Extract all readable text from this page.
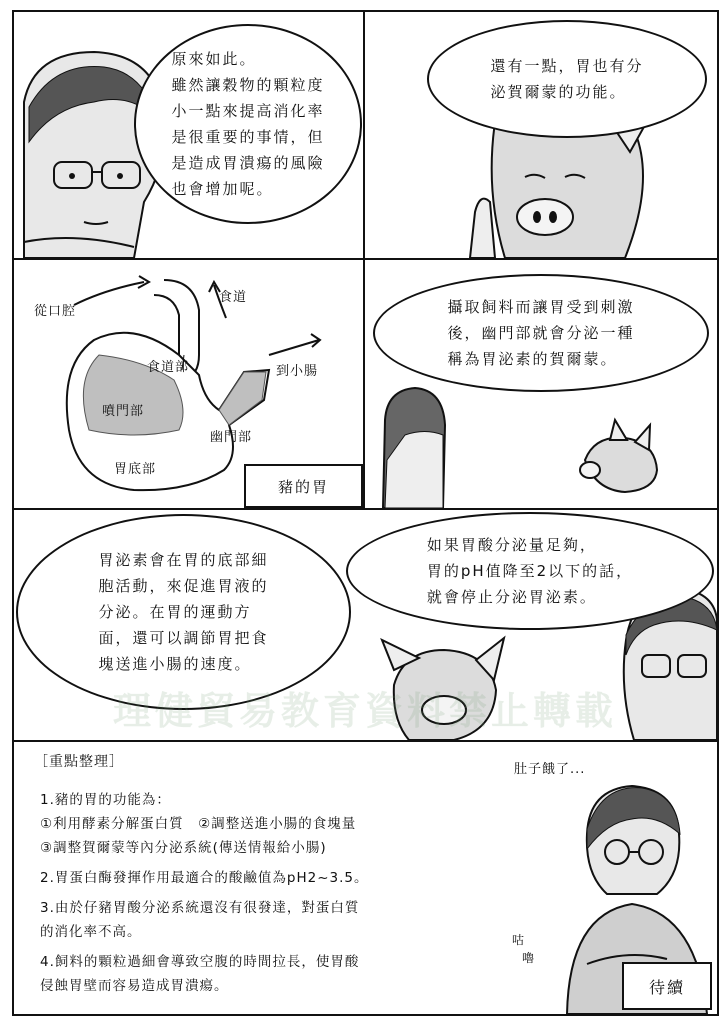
原來如此。
雖然讓穀物的顆粒度
小一點來提高消化率
是很重要的事情，但
是造成胃潰瘍的風險
也會增加呢。
還有一點，胃也有分
泌賀爾蒙的功能。
從口腔
食道
食道部	到小腸
噴門部
幽門部
胃底部
豬的胃
攝取飼料而讓胃受到刺激
後，幽門部就會分泌一種
稱為胃泌素的賀爾蒙。
如果胃酸分泌量足夠，
胃的pH值降至2以下的話，
就會停止分泌胃泌素。
胃泌素會在胃的底部細
胞活動，來促進胃液的
分泌。在胃的運動方
面，還可以調節胃把食
塊送進小腸的速度。
理健貿易教育資料禁止轉載
［重點整理］
1.豬的胃的功能為：
①利用酵素分解蛋白質　②調整送進小腸的食塊量
③調整賀爾蒙等內分泌系統(傳送情報給小腸)
2.胃蛋白酶發揮作用最適合的酸鹼值為pH2~3.5。
3.由於仔豬胃酸分泌系統還沒有很發達，對蛋白質
的消化率不高。
4.飼料的顆粒過細會導致空腹的時間拉長，使胃酸
侵蝕胃壁而容易造成胃潰瘍。
肚子餓了...
咕
嚕
待續
